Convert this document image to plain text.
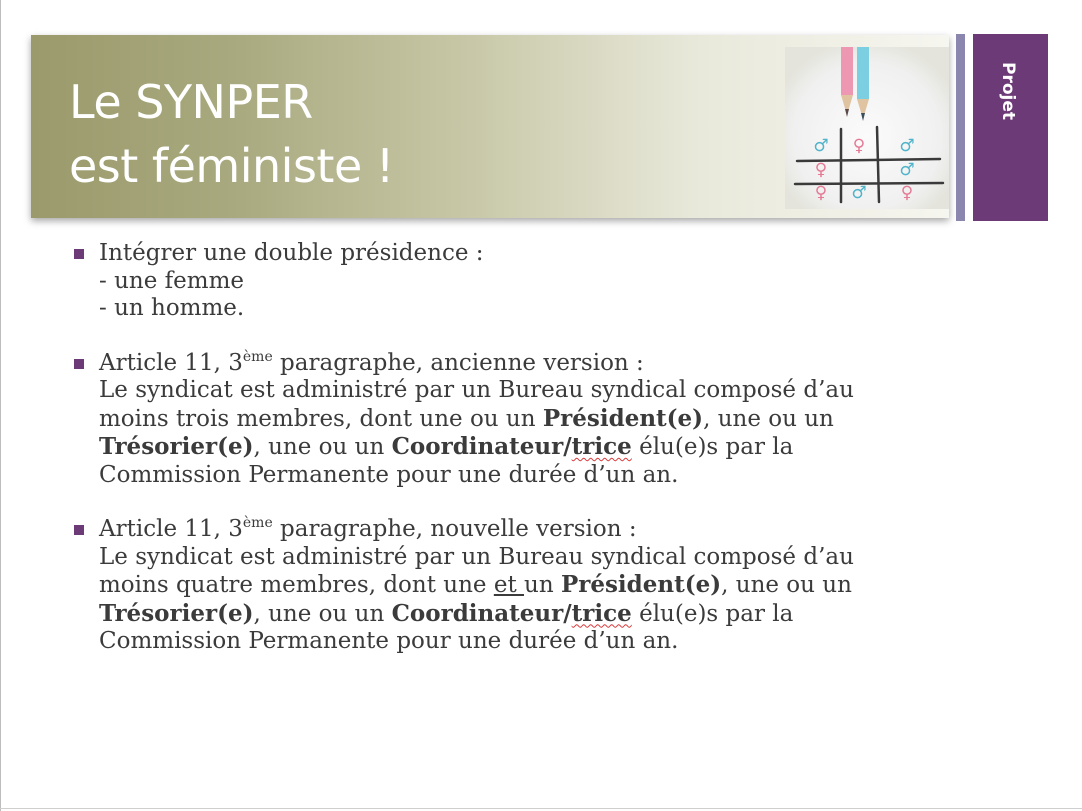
Le SYNPER
est féministe !	♂ ♀ ♂
♀	♂
♀ ♂ ♀
Projet
Intégrer une double présidence :
- une femme
- un homme.
Article 11, 3ème paragraphe, ancienne version :
Le syndicat est administré par un Bureau syndical composé d’au
moins trois membres, dont une ou un Président(e), une ou un
Trésorier(e), une ou un Coordinateur/trice élu(e)s par la
Commission Permanente pour une durée d’un an.
Article 11, 3ème paragraphe, nouvelle version :
Le syndicat est administré par un Bureau syndical composé d’au
moins quatre membres, dont une et un Président(e), une ou un
Trésorier(e), une ou un Coordinateur/trice élu(e)s par la
Commission Permanente pour une durée d’un an.
